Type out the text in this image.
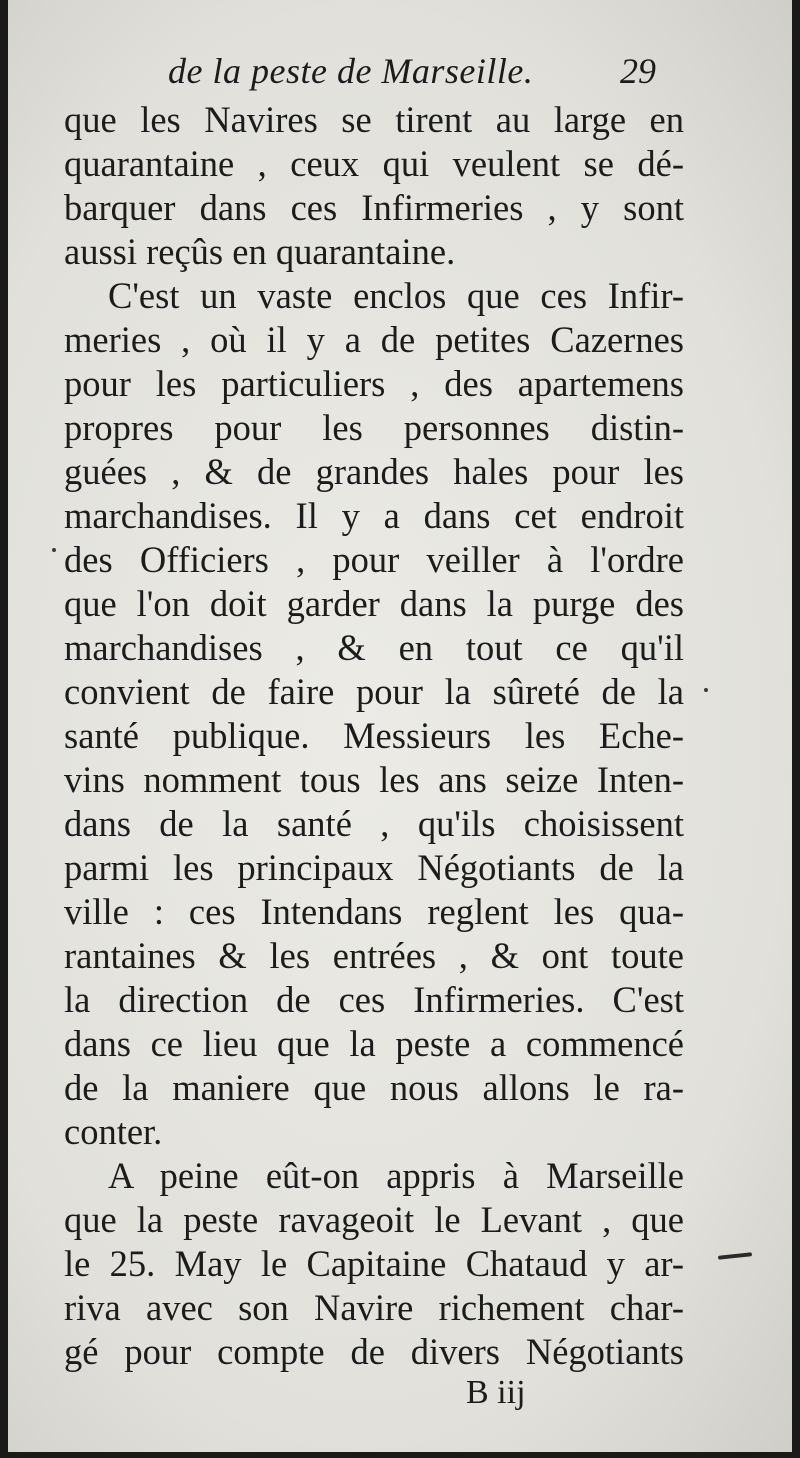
de la peste de Marseille. 29

que les Navires se tirent au large en

quarantaine , ceux qui veulent se dé-

barquer dans ces Infirmeries , y sont

aussi reçûs en quarantaine.

C'est un vaste enclos que ces Infir-

meries , où il y a de petites Cazernes

pour les particuliers , des apartemens

propres pour les personnes distin-

guées , & de grandes hales pour les

marchandises. Il y a dans cet endroit

des Officiers , pour veiller à l'ordre

que l'on doit garder dans la purge des

marchandises , & en tout ce qu'il

convient de faire pour la sûreté de la

santé publique. Messieurs les Eche-

vins nomment tous les ans seize Inten-

dans de la santé , qu'ils choisissent

parmi les principaux Négotiants de la

ville : ces Intendans reglent les qua-

rantaines & les entrées , & ont toute

la direction de ces Infirmeries. C'est

dans ce lieu que la peste a commencé

de la maniere que nous allons le ra-

conter.

A peine eût-on appris à Marseille

que la peste ravageoit le Levant , que

le 25. May le Capitaine Chataud y ar-

riva avec son Navire richement char-

gé pour compte de divers Négotiants

B iij
